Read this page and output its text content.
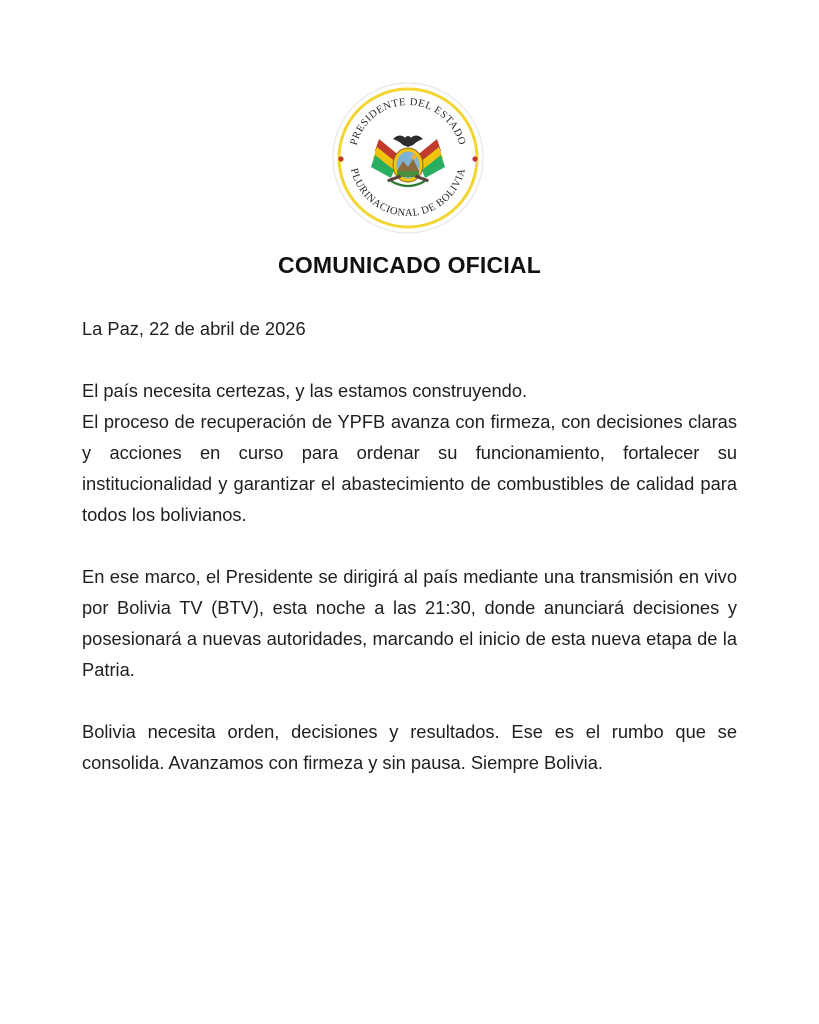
PRESIDENTE DEL ESTADO
PLURINACIONAL DE BOLIVIA
COMUNICADO OFICIAL

La Paz, 22 de abril de 2026

El país necesita certezas, y las estamos construyendo.

El proceso de recuperación de YPFB avanza con firmeza, con decisiones claras y acciones en curso para ordenar su funcionamiento, fortalecer su institucionalidad y garantizar el abastecimiento de combustibles de calidad para todos los bolivianos.

En ese marco, el Presidente se dirigirá al país mediante una transmisión en vivo por Bolivia TV (BTV), esta noche a las 21:30, donde anunciará decisiones y posesionará a nuevas autoridades, marcando el inicio de esta nueva etapa de la Patria.

Bolivia necesita orden, decisiones y resultados. Ese es el rumbo que se consolida. Avanzamos con firmeza y sin pausa. Siempre Bolivia.
